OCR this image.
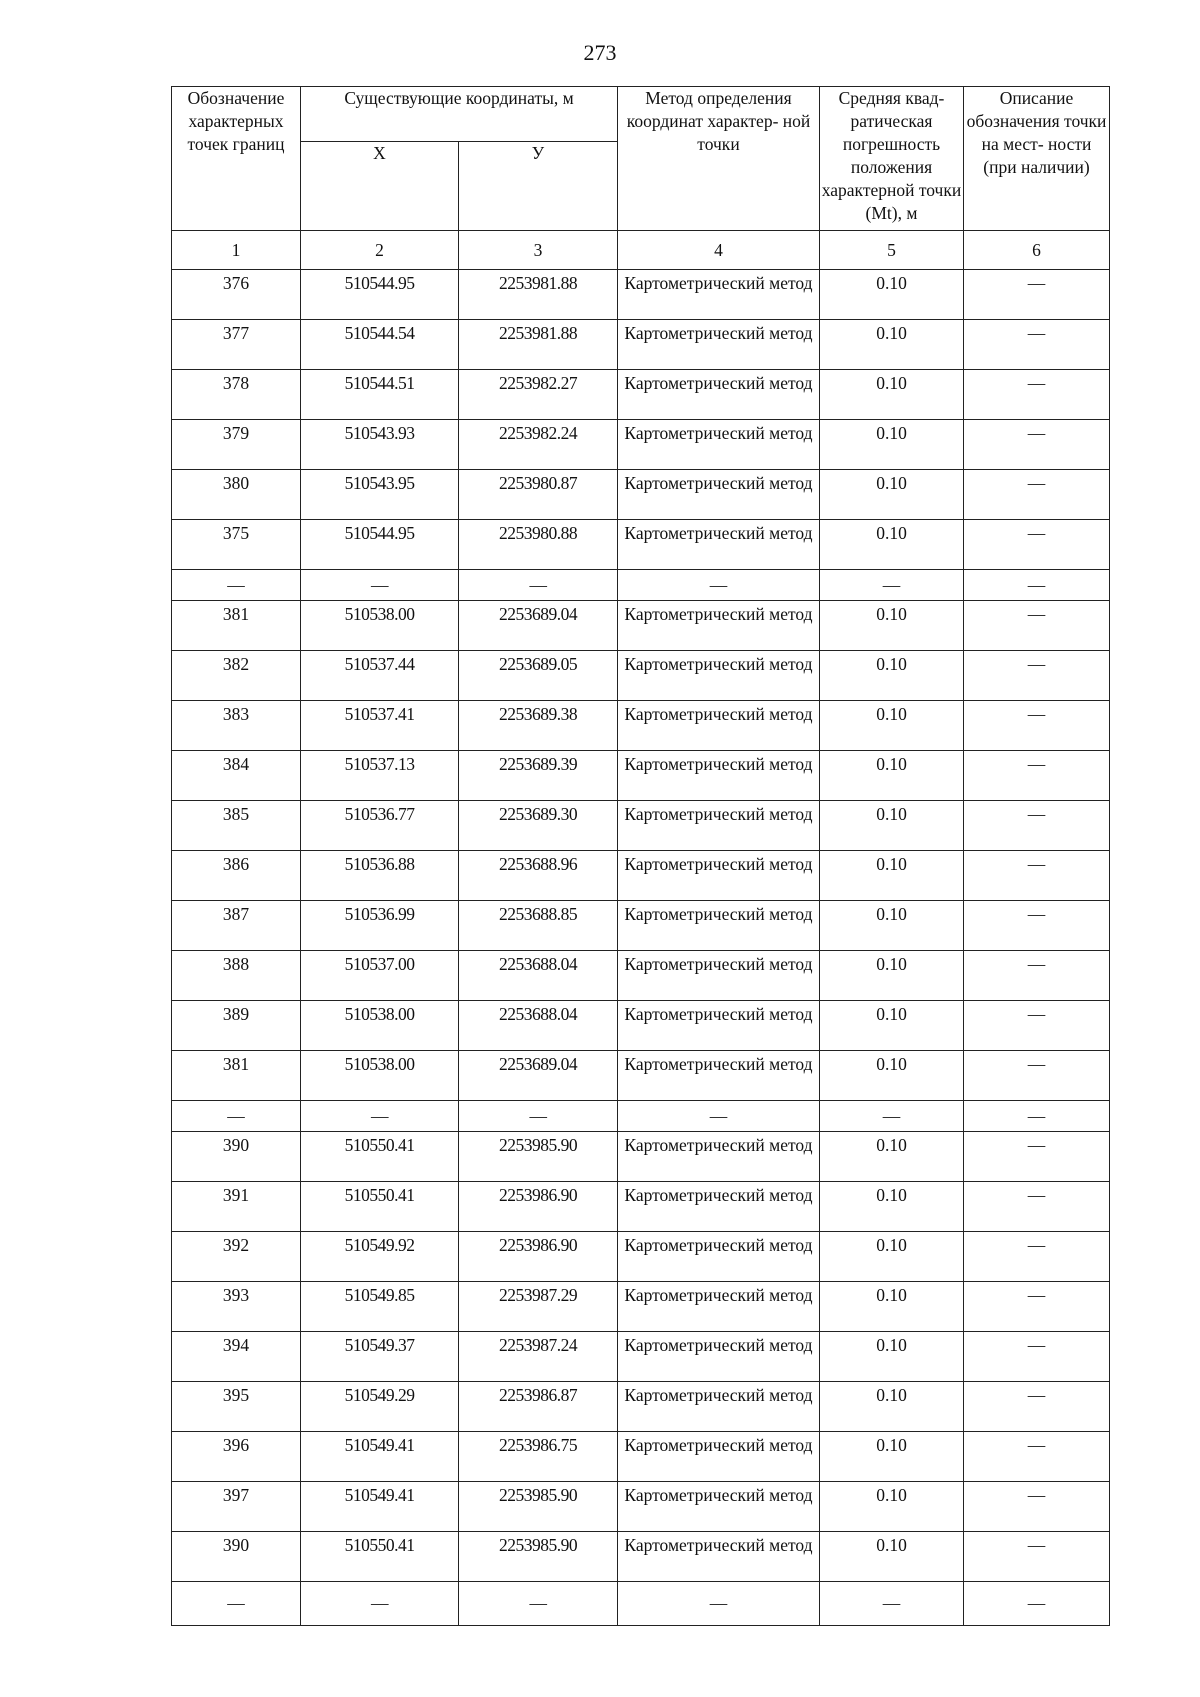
273
Обозначение характерных точек границ	Существующие координаты, м		Метод определения координат характер- ной точки	Средняя квад- ратическая погрешность положения характерной точки (Mt), м	Описание обозначения точки на мест- ности (при наличии)
	Х	У			
1	2	3	4	5	6
376	510544.95	2253981.88	Картометрический метод	0.10	—
377	510544.54	2253981.88	Картометрический метод	0.10	—
378	510544.51	2253982.27	Картометрический метод	0.10	—
379	510543.93	2253982.24	Картометрический метод	0.10	—
380	510543.95	2253980.87	Картометрический метод	0.10	—
375	510544.95	2253980.88	Картометрический метод	0.10	—
—	—	—	—	—	—
381	510538.00	2253689.04	Картометрический метод	0.10	—
382	510537.44	2253689.05	Картометрический метод	0.10	—
383	510537.41	2253689.38	Картометрический метод	0.10	—
384	510537.13	2253689.39	Картометрический метод	0.10	—
385	510536.77	2253689.30	Картометрический метод	0.10	—
386	510536.88	2253688.96	Картометрический метод	0.10	—
387	510536.99	2253688.85	Картометрический метод	0.10	—
388	510537.00	2253688.04	Картометрический метод	0.10	—
389	510538.00	2253688.04	Картометрический метод	0.10	—
381	510538.00	2253689.04	Картометрический метод	0.10	—
—	—	—	—	—	—
390	510550.41	2253985.90	Картометрический метод	0.10	—
391	510550.41	2253986.90	Картометрический метод	0.10	—
392	510549.92	2253986.90	Картометрический метод	0.10	—
393	510549.85	2253987.29	Картометрический метод	0.10	—
394	510549.37	2253987.24	Картометрический метод	0.10	—
395	510549.29	2253986.87	Картометрический метод	0.10	—
396	510549.41	2253986.75	Картометрический метод	0.10	—
397	510549.41	2253985.90	Картометрический метод	0.10	—
390	510550.41	2253985.90	Картометрический метод	0.10	—
—	—	—	—	—	—
